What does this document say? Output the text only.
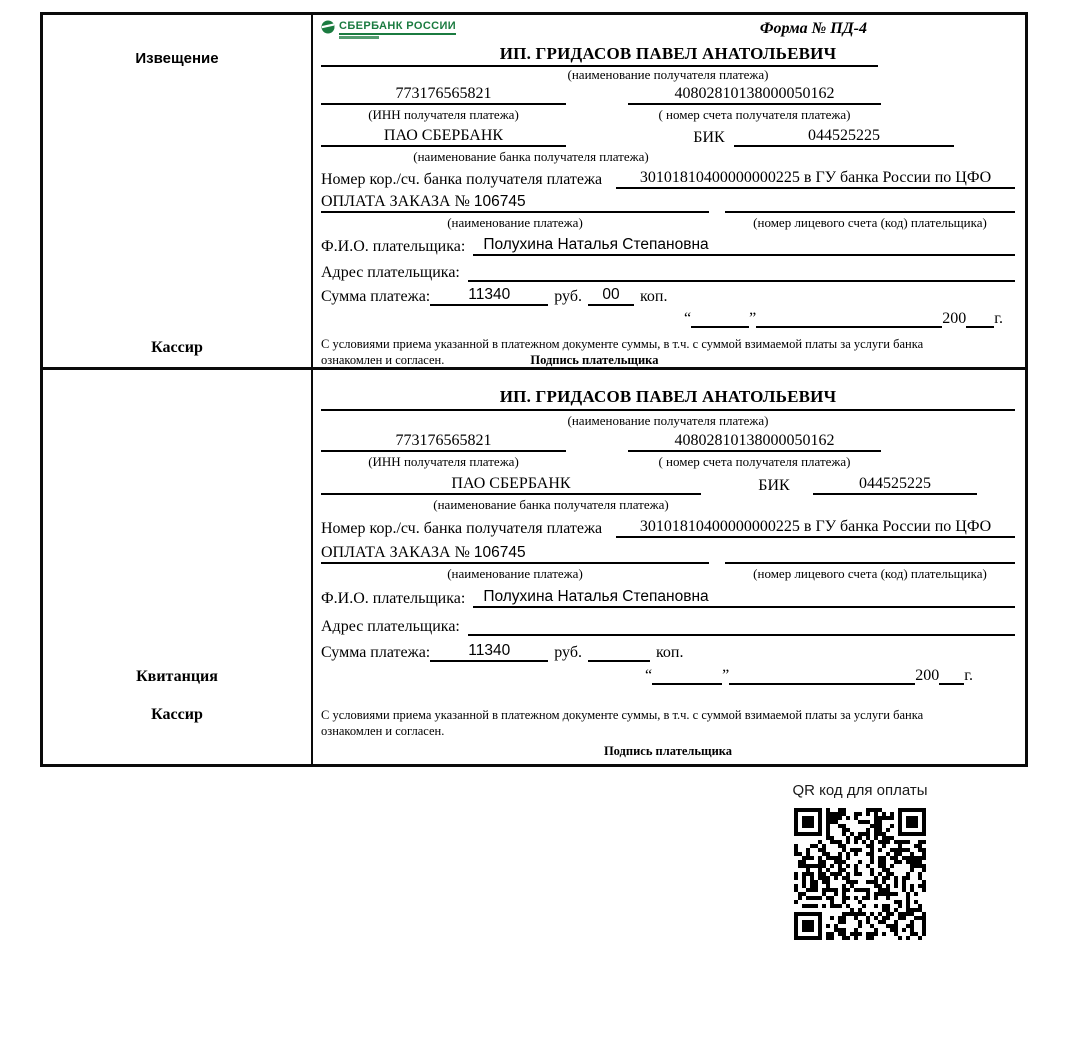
Извещение
Кассир
СБЕРБАНК РОССИИ	Форма № ПД-4
ИП. ГРИДАСОВ ПАВЕЛ АНАТОЛЬЕВИЧ
(наименование получателя платежа)
773176565821	40802810138000050162
(ИНН получателя платежа)	( номер счета получателя платежа)
ПАО СБЕРБАНК	БИК	044525225
(наименование банка получателя платежа)
Номер кор./сч. банка получателя платежа	30101810400000000225 в ГУ банка России по ЦФО
ОПЛАТА ЗАКАЗА № 106745
(наименование платежа)	(номер лицевого счета (код) плательщика)
Ф.И.О. плательщика:	Полухина Наталья Степановна
Адрес плательщика:

Сумма платежа:	11340	руб.	00	коп.
“	”	200 г.
С условиями приема указанной в платежном документе суммы, в т.ч. с суммой взимаемой платы за услуги банка
ознакомлен и согласен.	Подпись плательщика
Квитанция
Кассир
ИП. ГРИДАСОВ ПАВЕЛ АНАТОЛЬЕВИЧ
(наименование получателя платежа)
773176565821	40802810138000050162
(ИНН получателя платежа)	( номер счета получателя платежа)
ПАО СБЕРБАНК	БИК	044525225
(наименование банка получателя платежа)
Номер кор./сч. банка получателя платежа	30101810400000000225 в ГУ банка России по ЦФО
ОПЛАТА ЗАКАЗА № 106745
(наименование платежа)	(номер лицевого счета (код) плательщика)
Ф.И.О. плательщика:	Полухина Наталья Степановна
Адрес плательщика:

Сумма платежа:	11340	руб.	коп.
“	”	200 г.
С условиями приема указанной в платежном документе суммы, в т.ч. с суммой взимаемой платы за услуги банка
ознакомлен и согласен.
Подпись плательщика
QR код для оплаты
